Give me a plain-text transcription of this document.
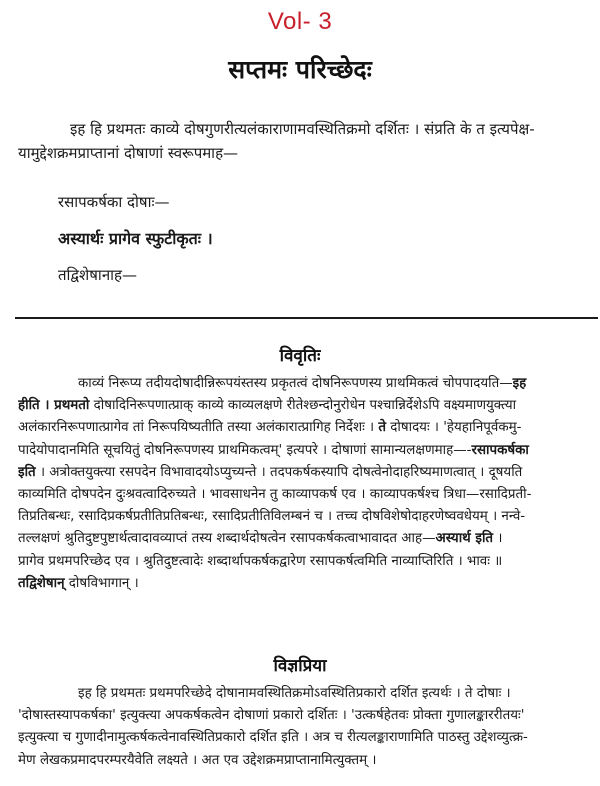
Vol- 3
सप्तमः परिच्छेदः
इह हि प्रथमतः काव्ये दोषगुणरीत्यलंकाराणामवस्थितिक्रमो दर्शितः । संप्रति के त इत्यपेक्ष-
यामुद्देशक्रमप्राप्तानां दोषाणां स्वरूपमाह—
रसापकर्षका दोषाः—
अस्यार्थः प्रागेव स्फुटीकृतः ।
तद्विशेषानाह—
विवृतिः
काव्यं निरूप्य तदीयदोषादीन्निरूपयंस्तस्य प्रकृतत्वं दोषनिरूपणस्य प्राथमिकत्वं चोपपादयति—इह
हीति । प्रथमतो दोषादिनिरूपणात्प्राक् काव्ये काव्यलक्षणे रीतेश्छन्दोनुरोधेन पश्चान्निर्देशेऽपि वक्ष्यमाणयुक्त्या
अलंकारनिरूपणात्प्रागेव तां निरूपयिष्यतीति तस्या अलंकारात्प्रागिह निर्देशः । ते दोषादयः । 'हेयहानिपूर्वकमु-
पादेयोपादानमिति सूचयितुं दोषनिरूपणस्य प्राथमिकत्वम्' इत्यपरे । दोषाणां सामान्यलक्षणमाह—-रसापकर्षका
इति । अत्रोक्तयुक्त्या रसपदेन विभावादयोऽप्युच्यन्ते । तदपकर्षकस्यापि दोषत्वेनोदाहरिष्यमाणत्वात् । दूषयति
काव्यमिति दोषपदेन दुःश्रवत्वादिरुच्यते । भावसाधनेन तु काव्यापकर्ष एव । काव्यापकर्षश्च त्रिधा—रसादिप्रती-
तिप्रतिबन्धः, रसादिप्रकर्षप्रतीतिप्रतिबन्धः, रसादिप्रतीतिविलम्बनं च । तच्च दोषविशेषोदाहरणेष्ववधेयम् । नन्वे-
तल्लक्षणं श्रुतिदुष्टपुष्टार्थत्वादावव्याप्तं तस्य शब्दार्थदोषत्वेन रसापकर्षकत्वाभावादत आह—अस्यार्थ इति ।
प्रागेव प्रथमपरिच्छेद एव । श्रुतिदुष्टत्वादेः शब्दार्थापकर्षकद्वारेण रसापकर्षत्वमिति नाव्याप्तिरिति । भावः ॥
तद्विशेषान् दोषविभागान् ।
विज्ञप्रिया
इह हि प्रथमतः प्रथमपरिच्छेदे दोषानामवस्थितिक्रमोऽवस्थितिप्रकारो दर्शित इत्यर्थः । ते दोषाः ।
'दोषास्तस्यापकर्षका' इत्युक्त्या अपकर्षकत्वेन दोषाणां प्रकारो दर्शितः । 'उत्कर्षहेतवः प्रोक्ता गुणालङ्काररीतयः'
इत्युक्त्या च गुणादीनामुत्कर्षकत्वेनावस्थितिप्रकारो दर्शित इति । अत्र च रीत्यलङ्काराणामिति पाठस्तु उद्देशव्युत्क्र-
मेण लेखकप्रमादपरम्परयैवेति लक्ष्यते । अत एव उद्देशक्रमप्राप्तानामित्युक्तम् ।
